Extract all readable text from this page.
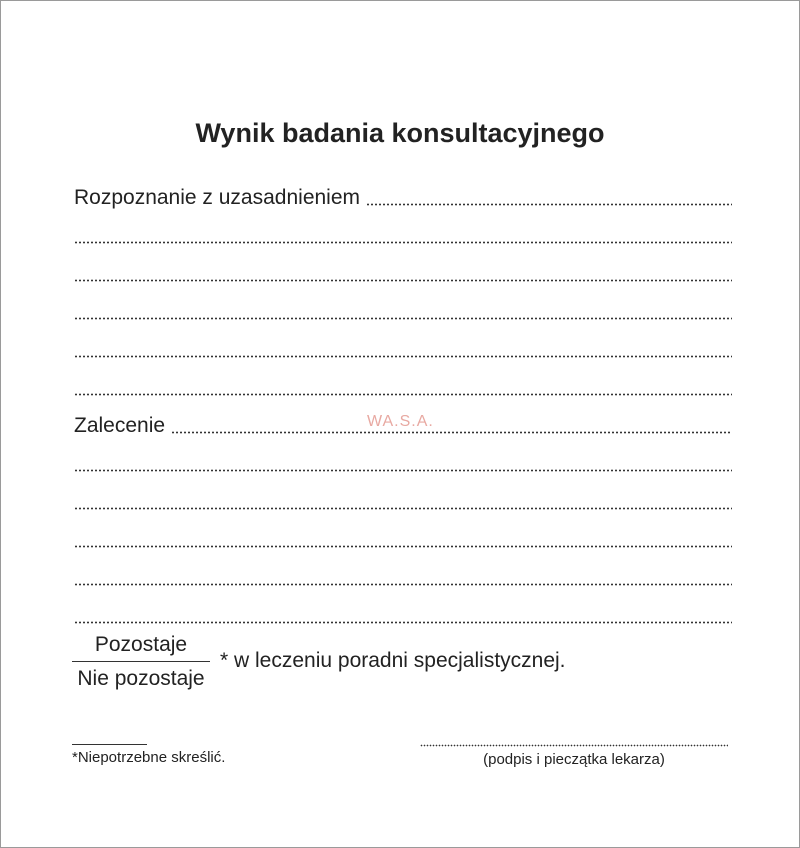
Wynik badania konsultacyjnego
Rozpoznanie z uzasadnieniem
Zalecenie	WA.S.A.
Pozostaje
Nie pozostaje
* w leczeniu poradni specjalistycznej.
*Niepotrzebne skreślić.	(podpis i pieczątka lekarza)
